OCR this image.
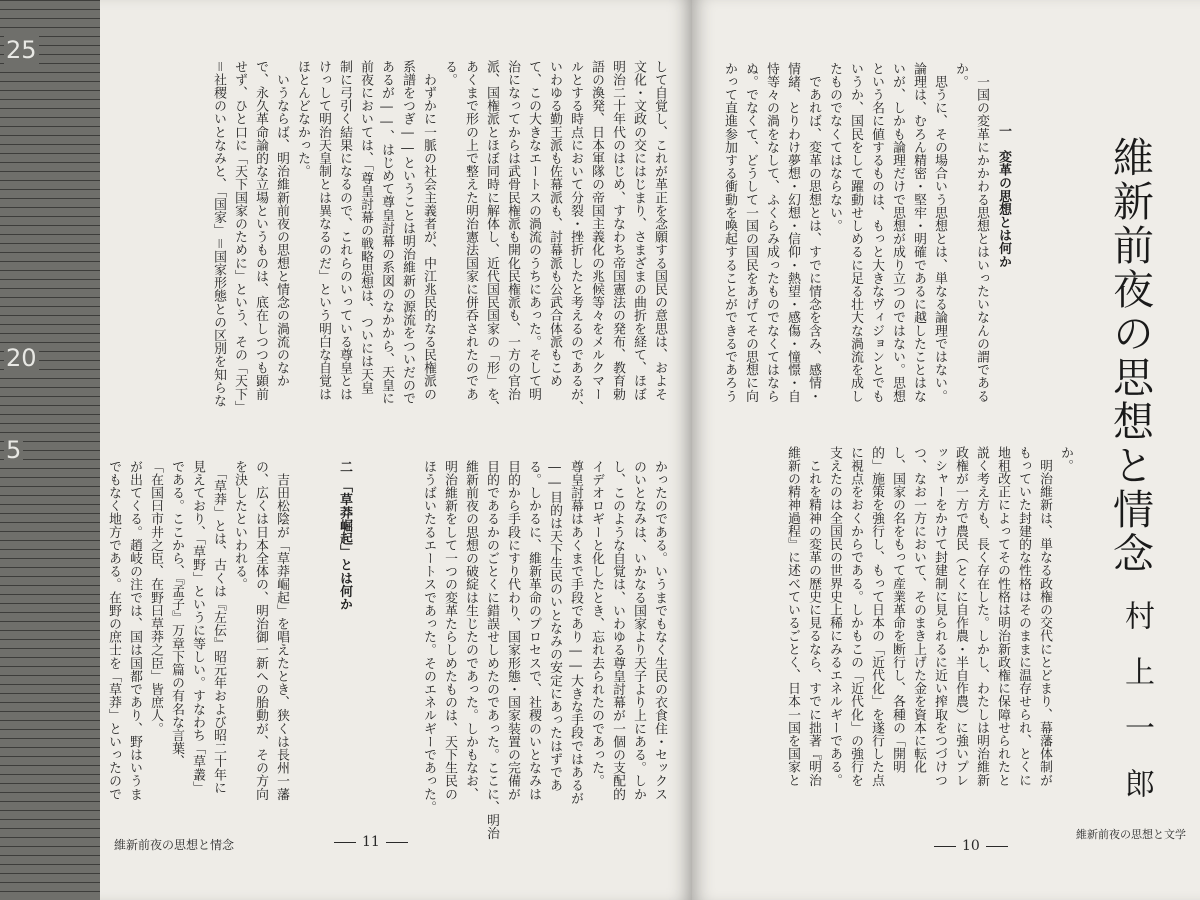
25
20
5

して自覚し、これが革正を念願する国民の意思は、およそ

文化・文政の交にはじまり、さまざまの曲折を経て、ほぼ

明治二十年代のはじめ、すなわち帝国憲法の発布、教育勅

語の渙発、日本軍隊の帝国主義化の兆候等々をメルクマー

ルとする時点において分裂・挫折したと考えるのであるが、

いわゆる勤王派も佐幕派も、討幕派も公武合体派もこめ

て、この大きなエートスの渦流のうちにあった。そして明

治になってからは武骨民権派も開化民権派も、一方の官治

派、国権派とほぼ同時に解体し、近代国民国家の「形」を、

あくまで形の上で整えた明治憲法国家に併呑されたのであ

る。

　わずかに一脈の社会主義者が、中江兆民的なる民権派の

系譜をつぎ――ということは明治維新の源流をついだので

あるが――、はじめて尊皇討幕の系図のなかから、天皇に

前夜においては、「尊皇討幕の戦略思想は、ついには天皇

制に弓引く結果になるので、これらのいっている尊皇とは

けっして明治天皇制とは異なるのだ」という明白な自覚は

ほとんどなかった。

　いうならば、明治維新前夜の思想と情念の渦流のなか

で、永久革命論的な立場というものは、底在しつつも顕前

せず、ひと口に「天下国家のために」という、その「天下」

＝社稷のいとなみと、「国家」＝国家形態との区別を知らな

かったのである。いうまでもなく生民の衣食住・セックス

のいとなみは、いかなる国家より天子より上にある。しか

し、このような自覚は、いわゆる尊皇討幕が一個の支配的

イデオロギーと化したとき、忘れ去られたのであった。

尊皇討幕はあくまで手段であり――大きな手段ではあるが

――目的は天下生民のいとなみの安定にあったはずであ

る。しかるに、維新革命のプロセスで、社稷のいとなみは

目的から手段にすり代わり、国家形態・国家装置の完備が

目的であるかのごとくに錯誤せしめたのであった。ここに、明治

維新前夜の思想の破綻は生じたのであった。しかもなお、

明治維新をして一つの変革たらしめたものは、天下生民の

ほうばいたるエートスであった。そのエネルギーであった。

二　「草莽崛起」とは何か

　吉田松陰が「草莽崛起」を唱えたとき、狭くは長州一藩

の、広くは日本全体の、明治御一新への胎動が、その方向

を決したといわれる。

　「草莽」とは、古くは『左伝』昭元年および昭二十年に

見えており、「草野」というに等しい。すなわち「草叢」

である。ここから、『孟子』万章下篇の有名な言葉、

「在国曰市井之臣、在野曰草莽之臣」皆庶人。

が出てくる。趙岐の注では、国は国都であり、野はいうま

でもなく地方である。在野の庶士を「草莽」といったので

維新前夜の思想と情念	11
維新前夜の思想と情念
村上一郎
一　変革の思想とは何か

　一国の変革にかかわる思想とはいったいなんの謂である

か。

　思うに、その場合いう思想とは、単なる論理ではない。

論理は、むろん精密・堅牢・明確であるに越したことはな

いが、しかも論理だけで思想が成り立つのではない。思想

という名に値するものは、もっと大きなヴィジョンとでも

いうか、国民をして躍動せしめるに足る壮大な渦流を成し

たものでなくてはならない。

　であれば、変革の思想とは、すでに情念を含み、感情・

情緒、とりわけ夢想・幻想・信仰・熱望・感傷・憧憬・自

恃等々の渦をなして、ふくらみ成ったものでなくてはなら

ぬ。でなくて、どうして一国の国民をあげてその思想に向

かって直進参加する衝動を喚起することができるであろう

か。

　明治維新は、単なる政権の交代にとどまり、幕藩体制が

もっていた封建的な性格はそのままに温存せられ、とくに

地租改正によってその性格は明治新政権に保障せられたと

説く考え方も、長く存在した。しかし、わたしは明治維新

政権が一方で農民（とくに自作農・半自作農）に強いプレ

ッシャーをかけて封建制に見られるに近い搾取をつづけつ

つ、なお一方において、そのまき上げた金を資本に転化

し、国家の名をもって産業革命を断行し、各種の「開明

的」施策を強行し、もって日本の「近代化」を遂行した点

に視点をおくからである。しかもこの「近代化」の強行を

支えたのは全国民の世界史上稀にみるエネルギーである。

　これを精神の変革の歴史に見るなら、すでに拙著『明治

維新の精神過程』に述べているごとく、日本一国を国家と

10
維新前夜の思想と文学
